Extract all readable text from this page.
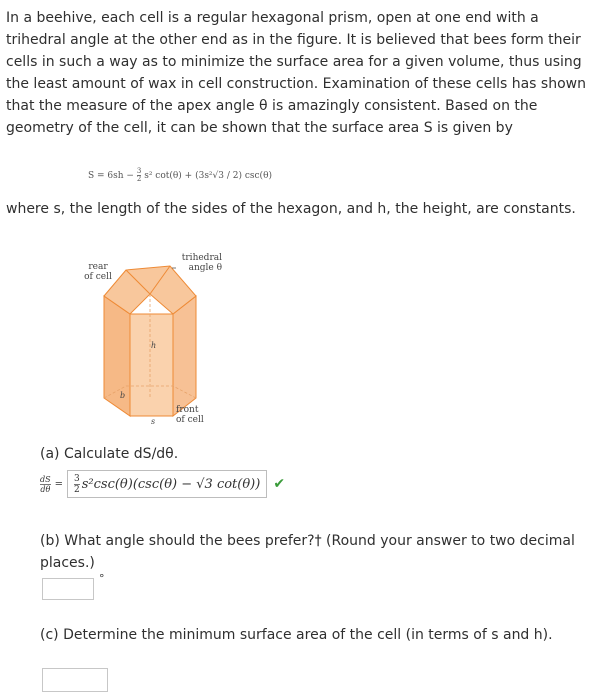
In a beehive, each cell is a regular hexagonal prism, open at one end with a trihedral angle at the other end as in the figure. It is believed that bees form their cells in such a way as to minimize the surface area for a given volume, thus using the least amount of wax in cell construction. Examination of these cells has shown that the measure of the apex angle θ is amazingly consistent. Based on the geometry of the cell, it can be shown that the surface area S is given by
$S = 6sh - \frac{3}{2} s^2$ cot(θ) + (3s²√3 / 2) csc(θ)
where s, the length of the sides of the hexagon, and h, the height, are constants.
h
b
s
rear
of cell
trihedral
angle θ
front
of cell
(a) Calculate dS/dθ.
$\frac{dS}{d\theta} = \frac{3}{2} s^2\csc(\theta)(\csc(\theta) - √3$ cot(θ)) ✔
(b) What angle should the bees prefer?† (Round your answer to two decimal places.)
°
(c) Determine the minimum surface area of the cell (in terms of s and h).
